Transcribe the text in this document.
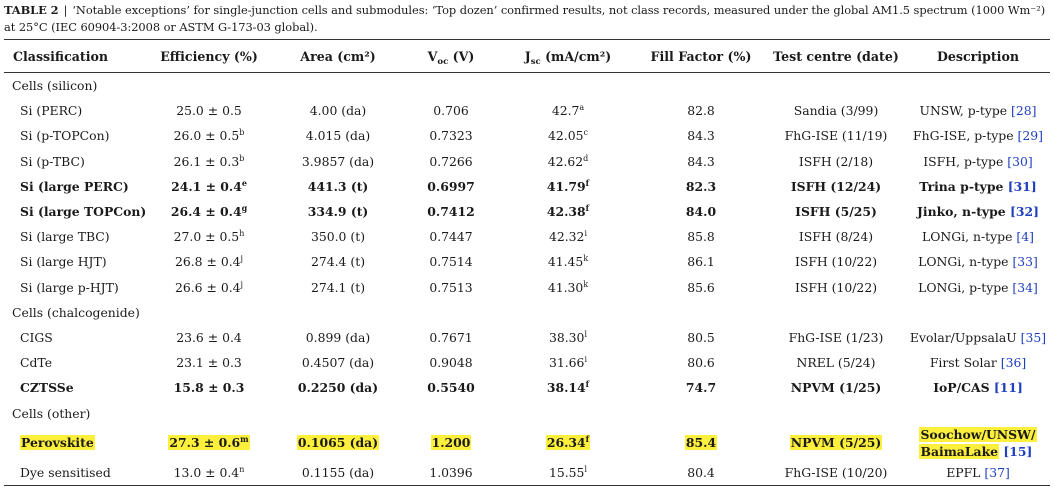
TABLE 2 | ‘Notable exceptions’ for single-junction cells and submodules: ‘Top dozen’ confirmed results, not class records, measured under the global AM1.5 spectrum (1000 Wm⁻²) at 25°C (IEC 60904-3:2008 or ASTM G-173-03 global).
Classification	Efficiency (%)	Area (cm²)	$V_{oc}$ (V)	$J_{sc}$ (mA/cm²)	Fill Factor (%)	Test centre (date)	Description
Cells (silicon)							
Si (PERC)	25.0 ± 0.5	4.00 (da)	0.706	42.7$^a$	82.8	Sandia (3/99)	UNSW, p-type [28]
Si (p-TOPCon)	26.0 ± 0.5$^b$	4.015 (da)	0.7323	42.05$^c$	84.3	FhG-ISE (11/19)	FhG-ISE, p-type [29]
Si (p-TBC)	26.1 ± 0.3$^b$	3.9857 (da)	0.7266	42.62$^d$	84.3	ISFH (2/18)	ISFH, p-type [30]
Si (large PERC)	24.1 ± 0.4$^e$	441.3 (t)	0.6997	41.79$^f$	82.3	ISFH (12/24)	Trina p-type [31]
Si (large TOPCon)	26.4 ± 0.4$^g$	334.9 (t)	0.7412	42.38$^f$	84.0	ISFH (5/25)	Jinko, n-type [32]
Si (large TBC)	27.0 ± 0.5$^h$	350.0 (t)	0.7447	42.32$^i$	85.8	ISFH (8/24)	LONGi, n-type [4]
Si (large HJT)	$26.8 \pm 0.4^j$	274.4 (t)	0.7514	41.45$^k$	86.1	ISFH (10/22)	LONGi, n-type [33]
Si (large p-HJT)	$26.6 \pm 0.4^j$	274.1 (t)	0.7513	41.30$^k$	85.6	ISFH (10/22)	LONGi, p-type [34]
Cells (chalcogenide)							
CIGS	23.6 ± 0.4	0.899 (da)	0.7671	38.30$^l$	80.5	FhG-ISE (1/23)	Evolar/UppsalaU [35]
CdTe	23.1 ± 0.3	0.4507 (da)	0.9048	31.66$^i$	80.6	NREL (5/24)	First Solar [36]
CZTSSe	15.8 ± 0.3	0.2250 (da)	0.5540	38.14$^f$	74.7	NPVM (1/25)	IoP/CAS [11]
Cells (other)							
Perovskite	$27.3 \pm 0.6^m$	0.1065 (da)	1.200	26.34$^f$	85.4	NPVM (5/25)	Soochow/UNSW/
BaimaLake [15]
Dye sensitised	$13.0 \pm 0.4^n$	0.1155 (da)	1.0396	15.55$^l$	80.4	FhG-ISE (10/20)	EPFL [37]
